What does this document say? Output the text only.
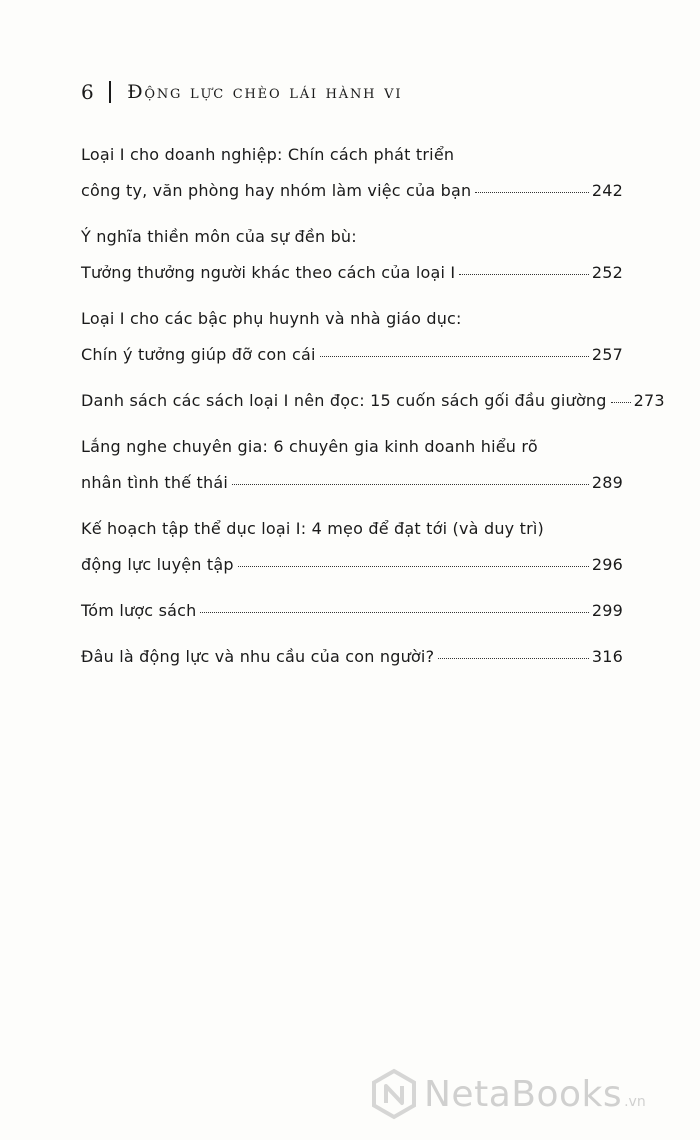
6 Động lực chèo lái hành vi
Loại I cho doanh nghiệp: Chín cách phát triển
công ty, văn phòng hay nhóm làm việc của bạn	242
Ý nghĩa thiền môn của sự đền bù:
Tưởng thưởng người khác theo cách của loại I	252
Loại I cho các bậc phụ huynh và nhà giáo dục:
Chín ý tưởng giúp đỡ con cái	257
Danh sách các sách loại I nên đọc: 15 cuốn sách gối đầu giường 273
Lắng nghe chuyên gia: 6 chuyên gia kinh doanh hiểu rõ
nhân tình thế thái	289
Kế hoạch tập thể dục loại I: 4 mẹo để đạt tới (và duy trì)
động lực luyện tập	296
Tóm lược sách	299
Đâu là động lực và nhu cầu của con người?	316
NetaBooks .vn
